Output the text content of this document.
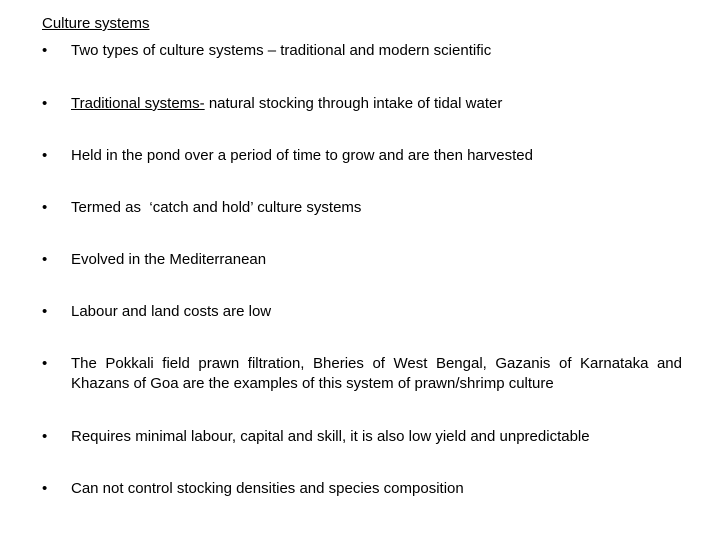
Culture systems
•	Two types of culture systems – traditional and modern scientific
•	Traditional systems- natural stocking through intake of tidal water
•	Held in the pond over a period of time to grow and are then harvested
•	Termed as  ‘catch and hold’ culture systems
•	Evolved in the Mediterranean
•	Labour and land costs are low
•	The Pokkali field prawn filtration, Bheries of West Bengal, Gazanis of Karnataka and Khazans of Goa are the examples of this system of prawn/shrimp culture
•	Requires minimal labour, capital and skill, it is also low yield and unpredictable
•	Can not control stocking densities and species composition
